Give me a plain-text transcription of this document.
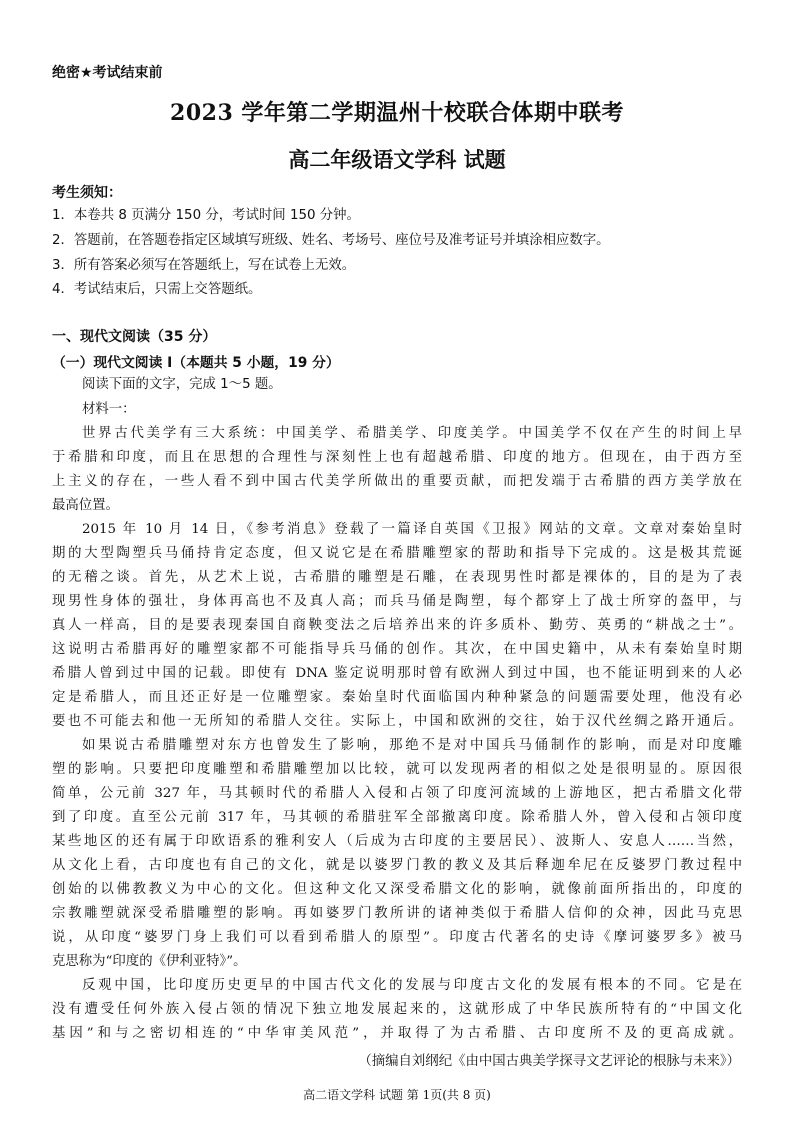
绝密★考试结束前
2023 学年第二学期温州十校联合体期中联考
高二年级语文学科 试题
考生须知：
1．本卷共 8 页满分 150 分，考试时间 150 分钟。
2．答题前，在答题卷指定区域填写班级、姓名、考场号、座位号及准考证号并填涂相应数字。
3．所有答案必须写在答题纸上，写在试卷上无效。
4．考试结束后，只需上交答题纸。
一、现代文阅读（35 分）
（一）现代文阅读 I（本题共 5 小题，19 分）
阅读下面的文字，完成 1～5 题。
材料一：
世界古代美学有三大系统：中国美学、希腊美学、印度美学。中国美学不仅在产生的时间上早
于希腊和印度，而且在思想的合理性与深刻性上也有超越希腊、印度的地方。但现在，由于西方至
上主义的存在，一些人看不到中国古代美学所做出的重要贡献，而把发端于古希腊的西方美学放在
最高位置。
2015 年 10 月 14 日，《参考消息》登载了一篇译自英国《卫报》网站的文章。文章对秦始皇时
期的大型陶塑兵马俑持肯定态度，但又说它是在希腊雕塑家的帮助和指导下完成的。这是极其荒诞
的无稽之谈。首先，从艺术上说，古希腊的雕塑是石雕，在表现男性时都是裸体的，目的是为了表
现男性身体的强壮，身体再高也不及真人高；而兵马俑是陶塑，每个都穿上了战士所穿的盔甲，与
真人一样高，目的是要表现秦国自商鞅变法之后培养出来的许多质朴、勤劳、英勇的“耕战之士”。
这说明古希腊再好的雕塑家都不可能指导兵马俑的创作。其次，在中国史籍中，从未有秦始皇时期
希腊人曾到过中国的记载。即使有 DNA 鉴定说明那时曾有欧洲人到过中国，也不能证明到来的人必
定是希腊人，而且还正好是一位雕塑家。秦始皇时代面临国内种种紧急的问题需要处理，他没有必
要也不可能去和他一无所知的希腊人交往。实际上，中国和欧洲的交往，始于汉代丝绸之路开通后。
如果说古希腊雕塑对东方也曾发生了影响，那绝不是对中国兵马俑制作的影响，而是对印度雕
塑的影响。只要把印度雕塑和希腊雕塑加以比较，就可以发现两者的相似之处是很明显的。原因很
简单，公元前 327 年，马其顿时代的希腊人入侵和占领了印度河流域的上游地区，把古希腊文化带
到了印度。直至公元前 317 年，马其顿的希腊驻军全部撤离印度。除希腊人外，曾入侵和占领印度
某些地区的还有属于印欧语系的雅利安人（后成为古印度的主要居民）、波斯人、安息人……当然，
从文化上看，古印度也有自己的文化，就是以婆罗门教的教义及其后释迦牟尼在反婆罗门教过程中
创始的以佛教教义为中心的文化。但这种文化又深受希腊文化的影响，就像前面所指出的，印度的
宗教雕塑就深受希腊雕塑的影响。再如婆罗门教所讲的诸神类似于希腊人信仰的众神，因此马克思
说，从印度“婆罗门身上我们可以看到希腊人的原型”。印度古代著名的史诗《摩诃婆罗多》被马
克思称为“印度的《伊利亚特》”。
反观中国，比印度历史更早的中国古代文化的发展与印度古文化的发展有根本的不同。它是在
没有遭受任何外族入侵占领的情况下独立地发展起来的，这就形成了中华民族所特有的“中国文化
基因”和与之密切相连的“中华审美风范”，并取得了为古希腊、古印度所不及的更高成就。
（摘编自刘纲纪《由中国古典美学探寻文艺评论的根脉与未来》）
高二语文学科 试题 第 1页(共 8 页)
